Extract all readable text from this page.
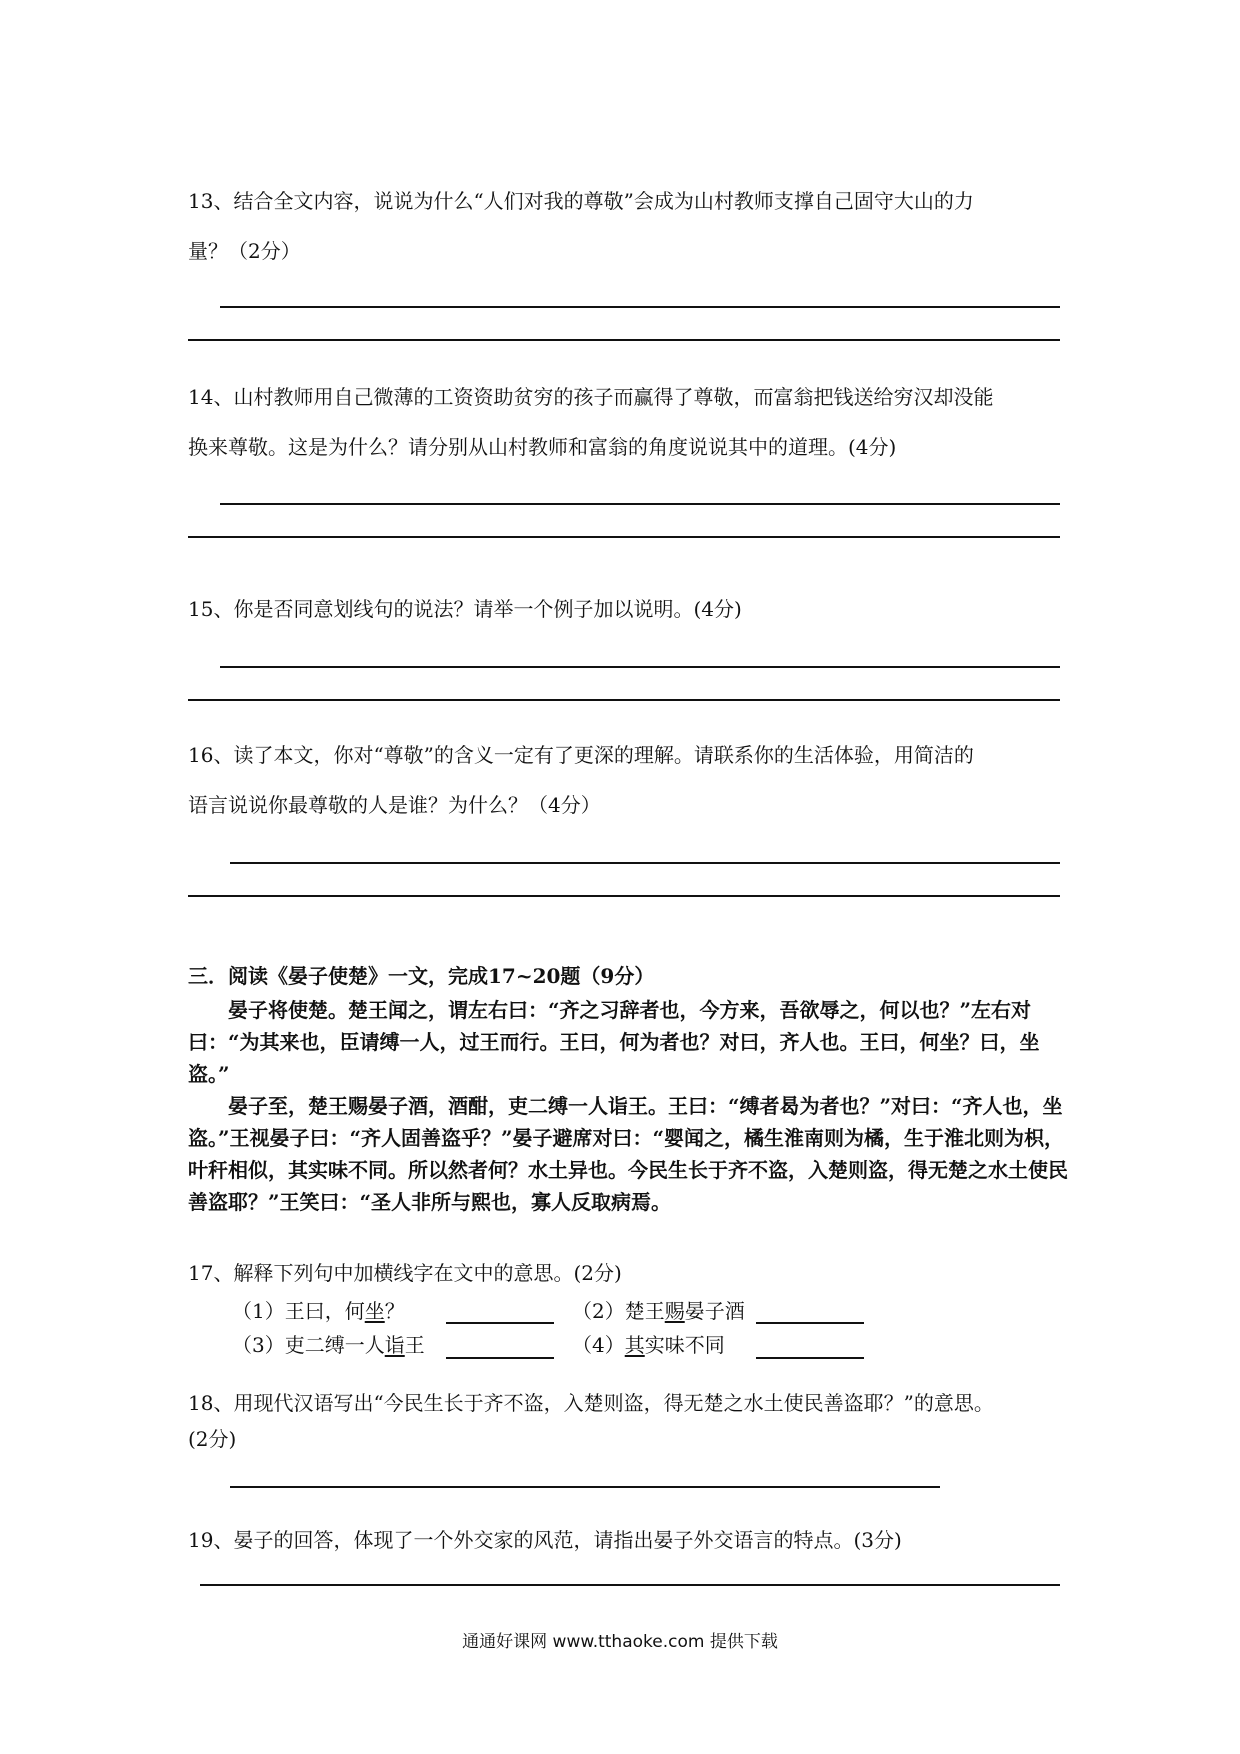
13、结合全文内容，说说为什么“人们对我的尊敬”会成为山村教师支撑自己固守大山的力
量？（2分）
14、山村教师用自己微薄的工资资助贫穷的孩子而赢得了尊敬，而富翁把钱送给穷汉却没能
换来尊敬。这是为什么？请分别从山村教师和富翁的角度说说其中的道理。(4分)
15、你是否同意划线句的说法？请举一个例子加以说明。(4分)
16、读了本文，你对“尊敬”的含义一定有了更深的理解。请联系你的生活体验，用简洁的
语言说说你最尊敬的人是谁？为什么？（4分）
三．阅读《晏子使楚》一文，完成17~20题（9分）

晏子将使楚。楚王闻之，谓左右曰：“齐之习辞者也，今方来，吾欲辱之，何以也？”左右对曰：“为其来也，臣请缚一人，过王而行。王曰，何为者也？对曰，齐人也。王曰，何坐？曰，坐盗。”

晏子至，楚王赐晏子酒，酒酣，吏二缚一人诣王。王曰：“缚者曷为者也？”对曰：“齐人也，坐盗。”王视晏子曰：“齐人固善盗乎？”晏子避席对曰：“婴闻之，橘生淮南则为橘，生于淮北则为枳，叶秆相似，其实味不同。所以然者何？水土异也。今民生长于齐不盗，入楚则盗，得无楚之水土使民善盗耶？”王笑曰：“圣人非所与熙也，寡人反取病焉。

17、解释下列句中加横线字在文中的意思。(2分)
（1）王曰，何坐？	（2）楚王赐晏子酒
（3）吏二缚一人诣王	（4）其实味不同
18、用现代汉语写出“今民生长于齐不盗，入楚则盗，得无楚之水土使民善盗耶？”的意思。
(2分)
19、晏子的回答，体现了一个外交家的风范，请指出晏子外交语言的特点。(3分)
通通好课网 www.tthaoke.com 提供下载
